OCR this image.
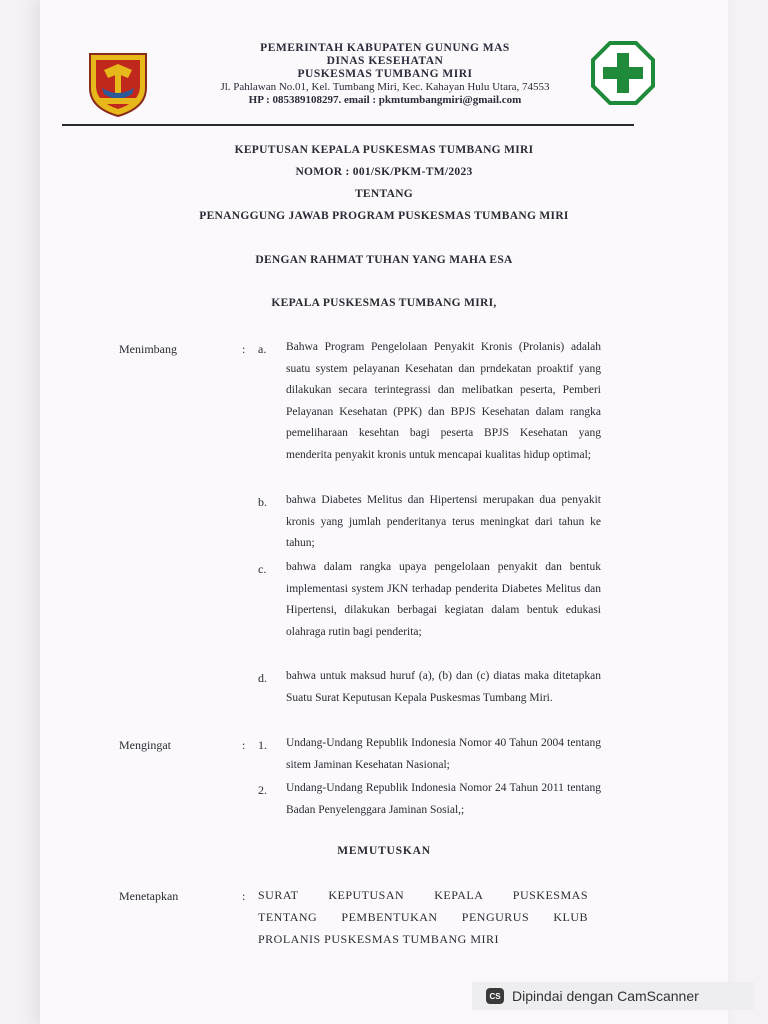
PEMERINTAH KABUPATEN GUNUNG MAS
DINAS KESEHATAN
PUSKESMAS TUMBANG MIRI
Jl. Pahlawan No.01, Kel. Tumbang Miri, Kec. Kahayan Hulu Utara, 74553
HP : 085389108297. email : pkmtumbangmiri@gmail.com
KEPUTUSAN KEPALA PUSKESMAS TUMBANG MIRI
NOMOR : 001/SK/PKM-TM/2023
TENTANG
PENANGGUNG JAWAB PROGRAM PUSKESMAS TUMBANG MIRI
DENGAN RAHMAT TUHAN YANG MAHA ESA
KEPALA PUSKESMAS TUMBANG MIRI,
Menimbang	: a. Bahwa Program Pengelolaan Penyakit Kronis (Prolanis) adalah suatu system pelayanan Kesehatan dan prndekatan proaktif yang dilakukan secara terintegrassi dan melibatkan peserta, Pemberi Pelayanan Kesehatan (PPK) dan BPJS Kesehatan dalam rangka pemeliharaan kesehtan bagi peserta BPJS Kesehatan yang menderita penyakit kronis untuk mencapai kualitas hidup optimal;
b. bahwa Diabetes Melitus dan Hipertensi merupakan dua penyakit kronis yang jumlah penderitanya terus meningkat dari tahun ke tahun;
c. bahwa dalam rangka upaya pengelolaan penyakit dan bentuk implementasi system JKN terhadap penderita Diabetes Melitus dan Hipertensi, dilakukan berbagai kegiatan dalam bentuk edukasi olahraga rutin bagi penderita;
d. bahwa untuk maksud huruf (a), (b) dan (c) diatas maka ditetapkan Suatu Surat Keputusan Kepala Puskesmas Tumbang Miri.
Mengingat	: 1. Undang-Undang Republik Indonesia Nomor 40 Tahun 2004 tentang sitem Jaminan Kesehatan Nasional;
2. Undang-Undang Republik Indonesia Nomor 24 Tahun 2011 tentang Badan Penyelenggara Jaminan Sosial,;
MEMUTUSKAN
Menetapkan	: SURAT KEPUTUSAN KEPALA PUSKESMAS
TENTANG PEMBENTUKAN PENGURUS KLUB
PROLANIS PUSKESMAS TUMBANG MIRI
CS Dipindai dengan CamScanner
